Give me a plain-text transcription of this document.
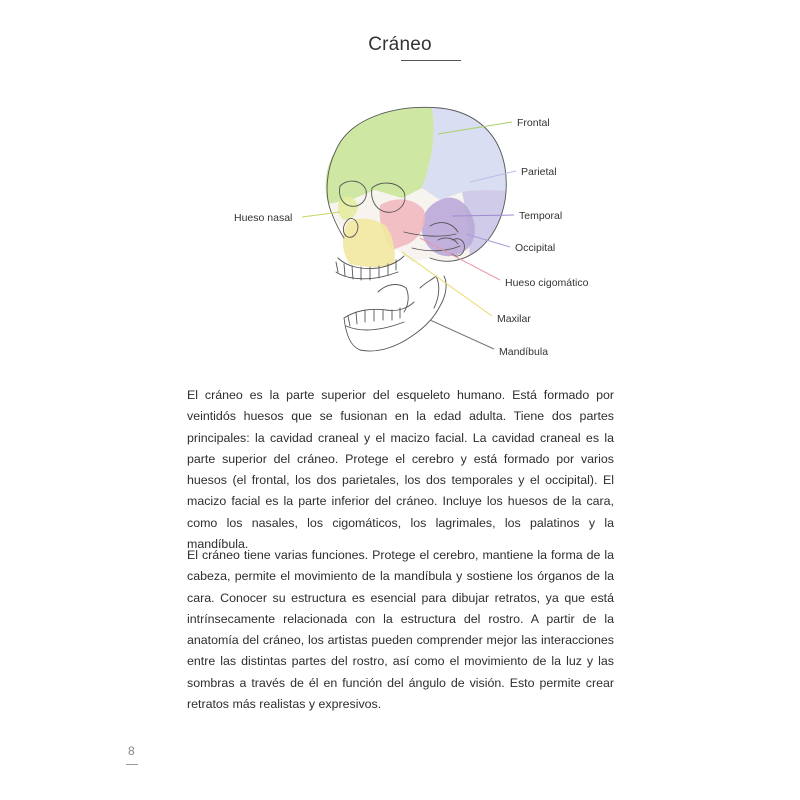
Cráneo
Frontal
Parietal
Temporal
Occipital
Hueso cigomático
Maxilar
Mandíbula
Hueso nasal

El cráneo es la parte superior del esqueleto humano. Está formado por veintidós huesos que se fusionan en la edad adulta. Tiene dos partes principales: la cavidad craneal y el macizo facial. La cavidad craneal es la parte superior del cráneo. Protege el cerebro y está formado por varios huesos (el frontal, los dos parietales, los dos temporales y el occipital). El macizo facial es la parte inferior del cráneo. Incluye los huesos de la cara, como los nasales, los cigomáticos, los lagrimales, los palatinos y la mandíbula.

El cráneo tiene varias funciones. Protege el cerebro, mantiene la forma de la cabeza, permite el movimiento de la mandíbula y sostiene los órganos de la cara. Conocer su estructura es esencial para dibujar retratos, ya que está intrínsecamente relacionada con la estructura del rostro. A partir de la anatomía del cráneo, los artistas pueden comprender mejor las interacciones entre las distintas partes del rostro, así como el movimiento de la luz y las sombras a través de él en función del ángulo de visión. Esto permite crear retratos más realistas y expresivos.

8
